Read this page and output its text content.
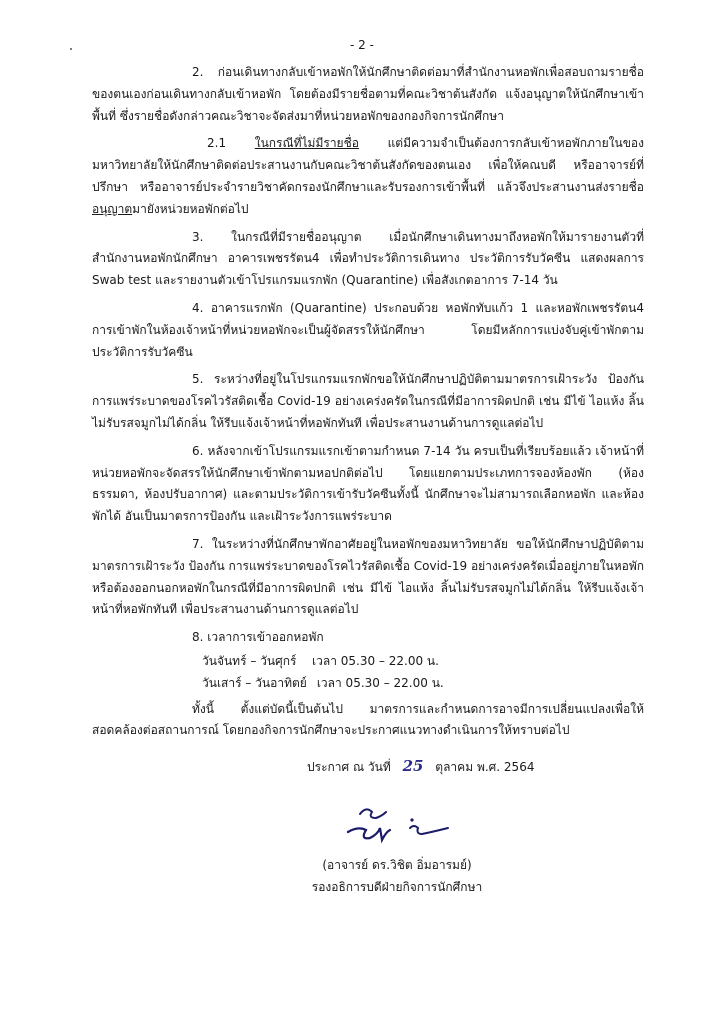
- 2 -

2. ก่อนเดินทางกลับเข้าหอพักให้นักศึกษาติดต่อมาที่สำนักงานหอพักเพื่อสอบถามรายชื่อของตนเองก่อนเดินทางกลับเข้าหอพัก โดยต้องมีรายชื่อตามที่คณะวิชาต้นสังกัด แจ้งอนุญาตให้นักศึกษาเข้าพื้นที่ ซึ่งรายชื่อดังกล่าวคณะวิชาจะจัดส่งมาที่หน่วยหอพักของกองกิจการนักศึกษา

2.1 ในกรณีที่ไม่มีรายชื่อ แต่มีความจำเป็นต้องการกลับเข้าหอพักภายในของมหาวิทยาลัยให้นักศึกษาติดต่อประสานงานกับคณะวิชาต้นสังกัดของตนเอง เพื่อให้คณบดี หรืออาจารย์ที่ปรึกษา หรืออาจารย์ประจำรายวิชาคัดกรองนักศึกษาและรับรองการเข้าพื้นที่ แล้วจึงประสานงานส่งรายชื่ออนุญาตมายังหน่วยหอพักต่อไป

3. ในกรณีที่มีรายชื่ออนุญาต เมื่อนักศึกษาเดินทางมาถึงหอพักให้มารายงานตัวที่สำนักงานหอพักนักศึกษา อาคารเพชรรัตน4 เพื่อทำประวัติการเดินทาง ประวัติการรับวัคซีน แสดงผลการ Swab test และรายงานตัวเข้าโปรแกรมแรกพัก (Quarantine) เพื่อสังเกตอาการ 7-14 วัน

4. อาคารแรกพัก (Quarantine) ประกอบด้วย หอพักทับแก้ว 1 และหอพักเพชรรัตน4 การเข้าพักในห้องเจ้าหน้าที่หน่วยหอพักจะเป็นผู้จัดสรรให้นักศึกษา โดยมีหลักการแบ่งจับคู่เข้าพักตามประวัติการรับวัคซีน

5. ระหว่างที่อยู่ในโปรแกรมแรกพักขอให้นักศึกษาปฏิบัติตามมาตรการเฝ้าระวัง ป้องกันการแพร่ระบาดของโรคไวรัสติดเชื้อ Covid-19 อย่างเคร่งครัดในกรณีที่มีอาการผิดปกติ เช่น มีไข้ ไอแห้ง ลิ้นไม่รับรสจมูกไม่ได้กลิ่น ให้รีบแจ้งเจ้าหน้าที่หอพักทันที เพื่อประสานงานด้านการดูแลต่อไป

6. หลังจากเข้าโปรแกรมแรกเข้าตามกำหนด 7-14 วัน ครบเป็นที่เรียบร้อยแล้ว เจ้าหน้าที่หน่วยหอพักจะจัดสรรให้นักศึกษาเข้าพักตามหอปกติต่อไป โดยแยกตามประเภทการจองห้องพัก (ห้องธรรมดา, ห้องปรับอากาศ) และตามประวัติการเข้ารับวัคซีนทั้งนี้ นักศึกษาจะไม่สามารถเลือกหอพัก และห้องพักได้ อันเป็นมาตรการป้องกัน และเฝ้าระวังการแพร่ระบาด

7. ในระหว่างที่นักศึกษาพักอาศัยอยู่ในหอพักของมหาวิทยาลัย ขอให้นักศึกษาปฏิบัติตามมาตรการเฝ้าระวัง ป้องกัน การแพร่ระบาดของโรคไวรัสติดเชื้อ Covid-19 อย่างเคร่งครัดเมื่ออยู่ภายในหอพักหรือต้องออกนอกหอพักในกรณีที่มีอาการผิดปกติ เช่น มีไข้ ไอแห้ง ลิ้นไม่รับรสจมูกไม่ได้กลิ่น ให้รีบแจ้งเจ้าหน้าที่หอพักทันที เพื่อประสานงานด้านการดูแลต่อไป

8. เวลาการเข้าออกหอพัก

วันจันทร์ – วันศุกร์	เวลา 05.30 – 22.00 น.
วันเสาร์ – วันอาทิตย์ เวลา 05.30 – 22.00 น.

ทั้งนี้ ตั้งแต่บัดนี้เป็นต้นไป มาตรการและกำหนดการอาจมีการเปลี่ยนแปลงเพื่อให้สอดคล้องต่อสถานการณ์ โดยกองกิจการนักศึกษาจะประกาศแนวทางดำเนินการให้ทราบต่อไป

ประกาศ ณ วันที่ 25 ตุลาคม พ.ศ. 2564
(อาจารย์ ดร.วิชิต อิ่มอารมย์)
รองอธิการบดีฝ่ายกิจการนักศึกษา
